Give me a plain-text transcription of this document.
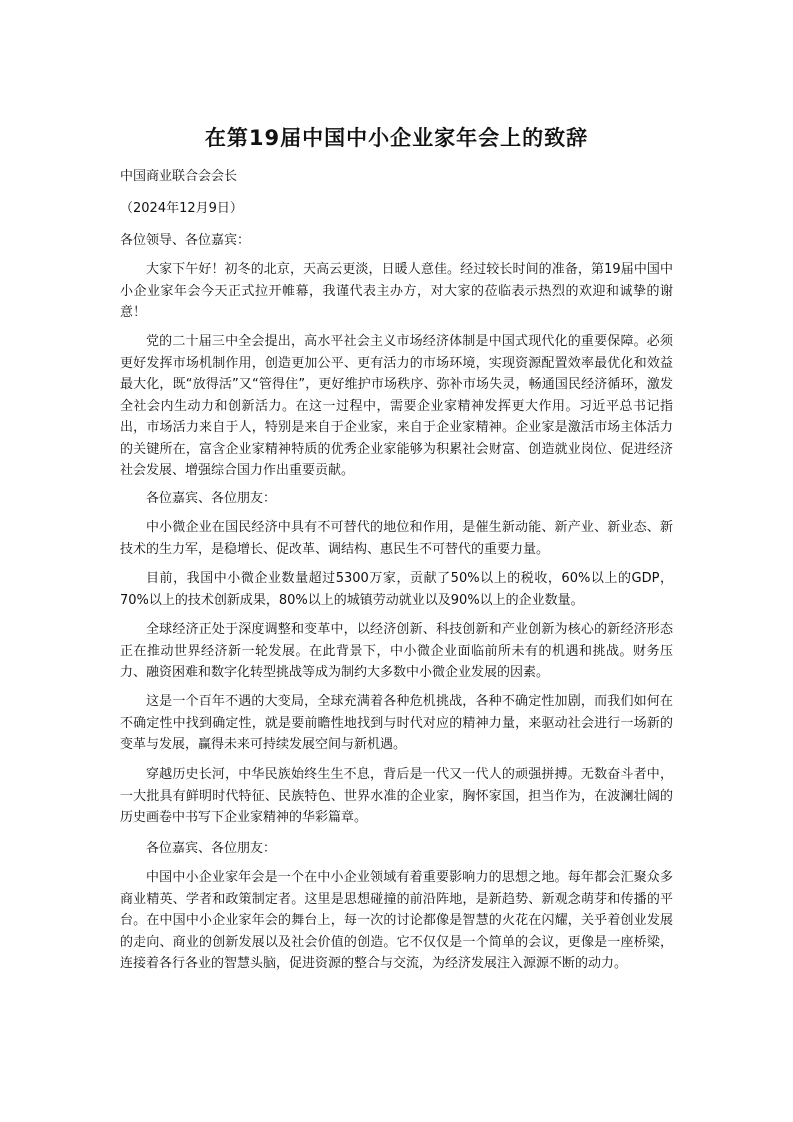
在第19届中国中小企业家年会上的致辞

中国商业联合会会长

（2024年12月9日）

各位领导、各位嘉宾：

大家下午好！初冬的北京，天高云更淡，日暖人意佳。经过较长时间的准备，第19届中国中小企业家年会今天正式拉开帷幕，我谨代表主办方，对大家的莅临表示热烈的欢迎和诚挚的谢意！

党的二十届三中全会提出，高水平社会主义市场经济体制是中国式现代化的重要保障。必须更好发挥市场机制作用，创造更加公平、更有活力的市场环境，实现资源配置效率最优化和效益最大化，既“放得活”又“管得住”，更好维护市场秩序、弥补市场失灵，畅通国民经济循环，激发全社会内生动力和创新活力。在这一过程中，需要企业家精神发挥更大作用。习近平总书记指出，市场活力来自于人，特别是来自于企业家，来自于企业家精神。企业家是激活市场主体活力的关键所在，富含企业家精神特质的优秀企业家能够为积累社会财富、创造就业岗位、促进经济社会发展、增强综合国力作出重要贡献。

各位嘉宾、各位朋友：

中小微企业在国民经济中具有不可替代的地位和作用，是催生新动能、新产业、新业态、新技术的生力军，是稳增长、促改革、调结构、惠民生不可替代的重要力量。

目前，我国中小微企业数量超过5300万家，贡献了50%以上的税收，60%以上的GDP，70%以上的技术创新成果，80%以上的城镇劳动就业以及90%以上的企业数量。

全球经济正处于深度调整和变革中，以经济创新、科技创新和产业创新为核心的新经济形态正在推动世界经济新一轮发展。在此背景下，中小微企业面临前所未有的机遇和挑战。财务压力、融资困难和数字化转型挑战等成为制约大多数中小微企业发展的因素。

这是一个百年不遇的大变局，全球充满着各种危机挑战，各种不确定性加剧，而我们如何在不确定性中找到确定性，就是要前瞻性地找到与时代对应的精神力量，来驱动社会进行一场新的变革与发展，赢得未来可持续发展空间与新机遇。

穿越历史长河，中华民族始终生生不息，背后是一代又一代人的顽强拼搏。无数奋斗者中，一大批具有鲜明时代特征、民族特色、世界水准的企业家，胸怀家国，担当作为，在波澜壮阔的历史画卷中书写下企业家精神的华彩篇章。

各位嘉宾、各位朋友：

中国中小企业家年会是一个在中小企业领域有着重要影响力的思想之地。每年都会汇聚众多商业精英、学者和政策制定者。这里是思想碰撞的前沿阵地，是新趋势、新观念萌芽和传播的平台。在中国中小企业家年会的舞台上，每一次的讨论都像是智慧的火花在闪耀，关乎着创业发展的走向、商业的创新发展以及社会价值的创造。它不仅仅是一个简单的会议，更像是一座桥梁，连接着各行各业的智慧头脑，促进资源的整合与交流，为经济发展注入源源不断的动力。
